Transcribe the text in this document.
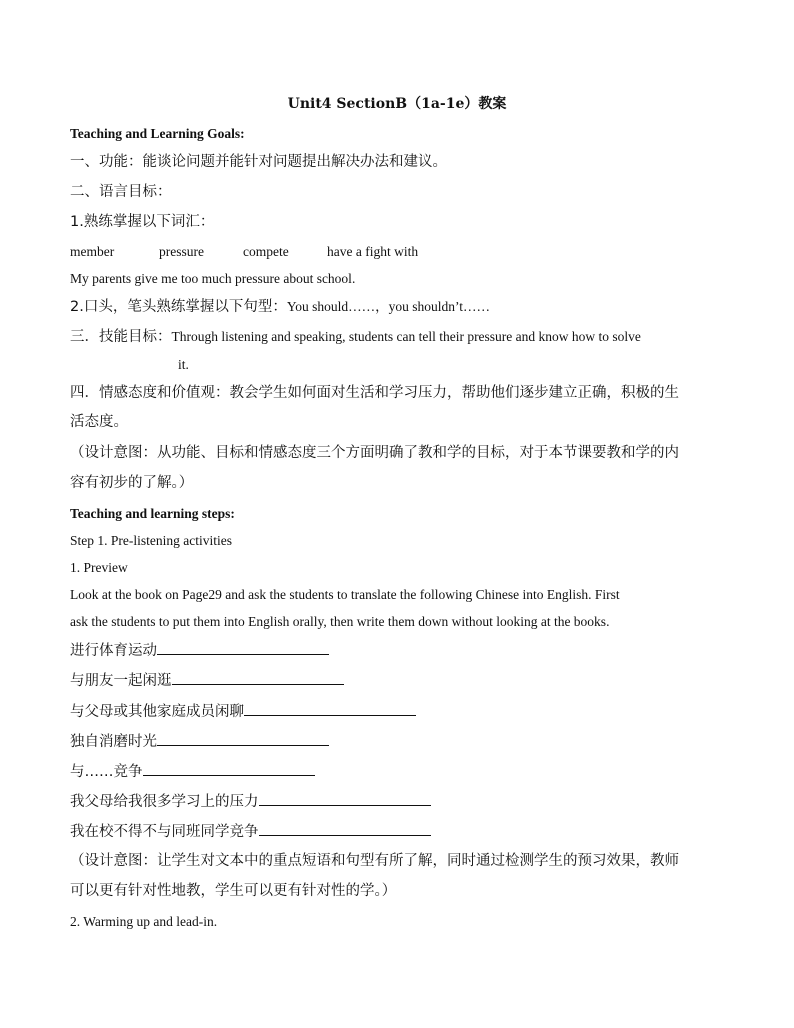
Unit4 SectionB（1a-1e）教案
Teaching and Learning Goals:
一、功能：能谈论问题并能针对问题提出解决办法和建议。
二、语言目标：
1.熟练掌握以下词汇：
member	pressure	compete	have a fight with
My parents give me too much pressure about school.
2.口头，笔头熟练掌握以下句型：You should……，you shouldn’t……
三．技能目标：Through listening and speaking, students can tell their pressure and know how to solve
it.
四．情感态度和价值观：教会学生如何面对生活和学习压力，帮助他们逐步建立正确，积极的生
活态度。
（设计意图：从功能、目标和情感态度三个方面明确了教和学的目标，对于本节课要教和学的内
容有初步的了解。）
Teaching and learning steps:
Step 1. Pre-listening activities
1. Preview
Look at the book on Page29 and ask the students to translate the following Chinese into English. First
ask the students to put them into English orally, then write them down without looking at the books.
进行体育运动
与朋友一起闲逛
与父母或其他家庭成员闲聊
独自消磨时光
与……竞争
我父母给我很多学习上的压力
我在校不得不与同班同学竞争
（设计意图：让学生对文本中的重点短语和句型有所了解，同时通过检测学生的预习效果，教师
可以更有针对性地教，学生可以更有针对性的学。）
2. Warming up and lead-in.
